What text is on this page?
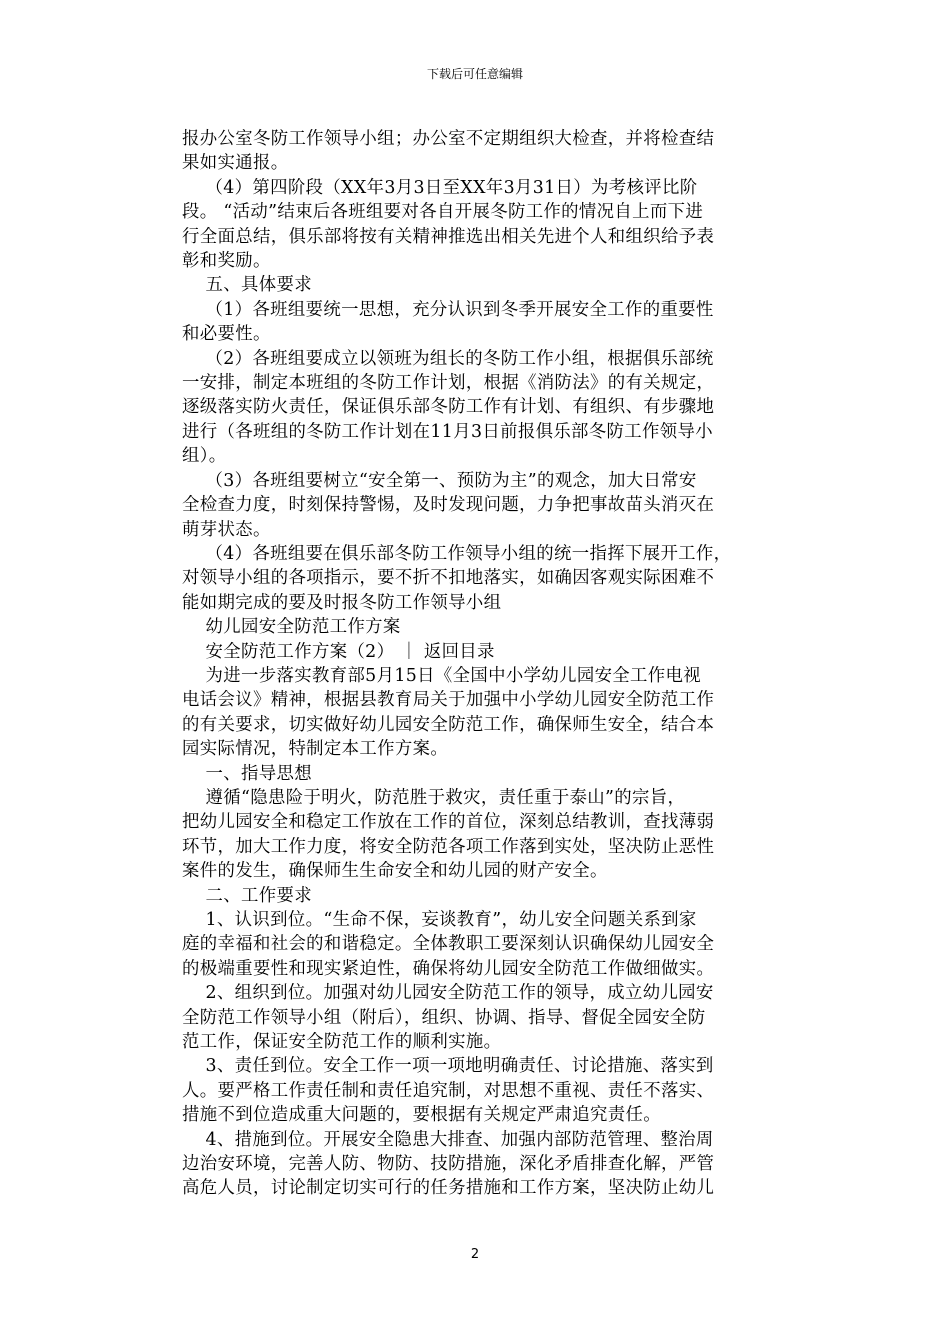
下载后可任意编辑

报办公室冬防工作领导小组；办公室不定期组织大检查，并将检查结

果如实通报。

（4）第四阶段（XX年3月3日至XX年3月31日）为考核评比阶

段。 “活动”结束后各班组要对各自开展冬防工作的情况自上而下进

行全面总结，俱乐部将按有关精神推选出相关先进个人和组织给予表

彰和奖励。

五、具体要求

（1）各班组要统一思想，充分认识到冬季开展安全工作的重要性

和必要性。

（2）各班组要成立以领班为组长的冬防工作小组，根据俱乐部统

一安排，制定本班组的冬防工作计划，根据《消防法》的有关规定，

逐级落实防火责任，保证俱乐部冬防工作有计划、有组织、有步骤地

进行（各班组的冬防工作计划在11月3日前报俱乐部冬防工作领导小

组）。

（3）各班组要树立“安全第一、预防为主”的观念，加大日常安

全检查力度，时刻保持警惕，及时发现问题，力争把事故苗头消灭在

萌芽状态。

（4）各班组要在俱乐部冬防工作领导小组的统一指挥下展开工作，

对领导小组的各项指示，要不折不扣地落实，如确因客观实际困难不

能如期完成的要及时报冬防工作领导小组

幼儿园安全防范工作方案

安全防范工作方案（2） ｜ 返回目录

为进一步落实教育部5月15日《全国中小学幼儿园安全工作电视

电话会议》精神，根据县教育局关于加强中小学幼儿园安全防范工作

的有关要求，切实做好幼儿园安全防范工作，确保师生安全，结合本

园实际情况，特制定本工作方案。

一、指导思想

遵循“隐患险于明火，防范胜于救灾，责任重于泰山”的宗旨，

把幼儿园安全和稳定工作放在工作的首位，深刻总结教训，查找薄弱

环节，加大工作力度，将安全防范各项工作落到实处，坚决防止恶性

案件的发生，确保师生生命安全和幼儿园的财产安全。

二、工作要求

1、认识到位。“生命不保，妄谈教育”，幼儿安全问题关系到家

庭的幸福和社会的和谐稳定。全体教职工要深刻认识确保幼儿园安全

的极端重要性和现实紧迫性，确保将幼儿园安全防范工作做细做实。

2、组织到位。加强对幼儿园安全防范工作的领导，成立幼儿园安

全防范工作领导小组（附后），组织、协调、指导、督促全园安全防

范工作，保证安全防范工作的顺利实施。

3、责任到位。安全工作一项一项地明确责任、讨论措施、落实到

人。要严格工作责任制和责任追究制，对思想不重视、责任不落实、

措施不到位造成重大问题的，要根据有关规定严肃追究责任。

4、措施到位。开展安全隐患大排查、加强内部防范管理、整治周

边治安环境，完善人防、物防、技防措施，深化矛盾排查化解，严管

高危人员，讨论制定切实可行的任务措施和工作方案，坚决防止幼儿

2
